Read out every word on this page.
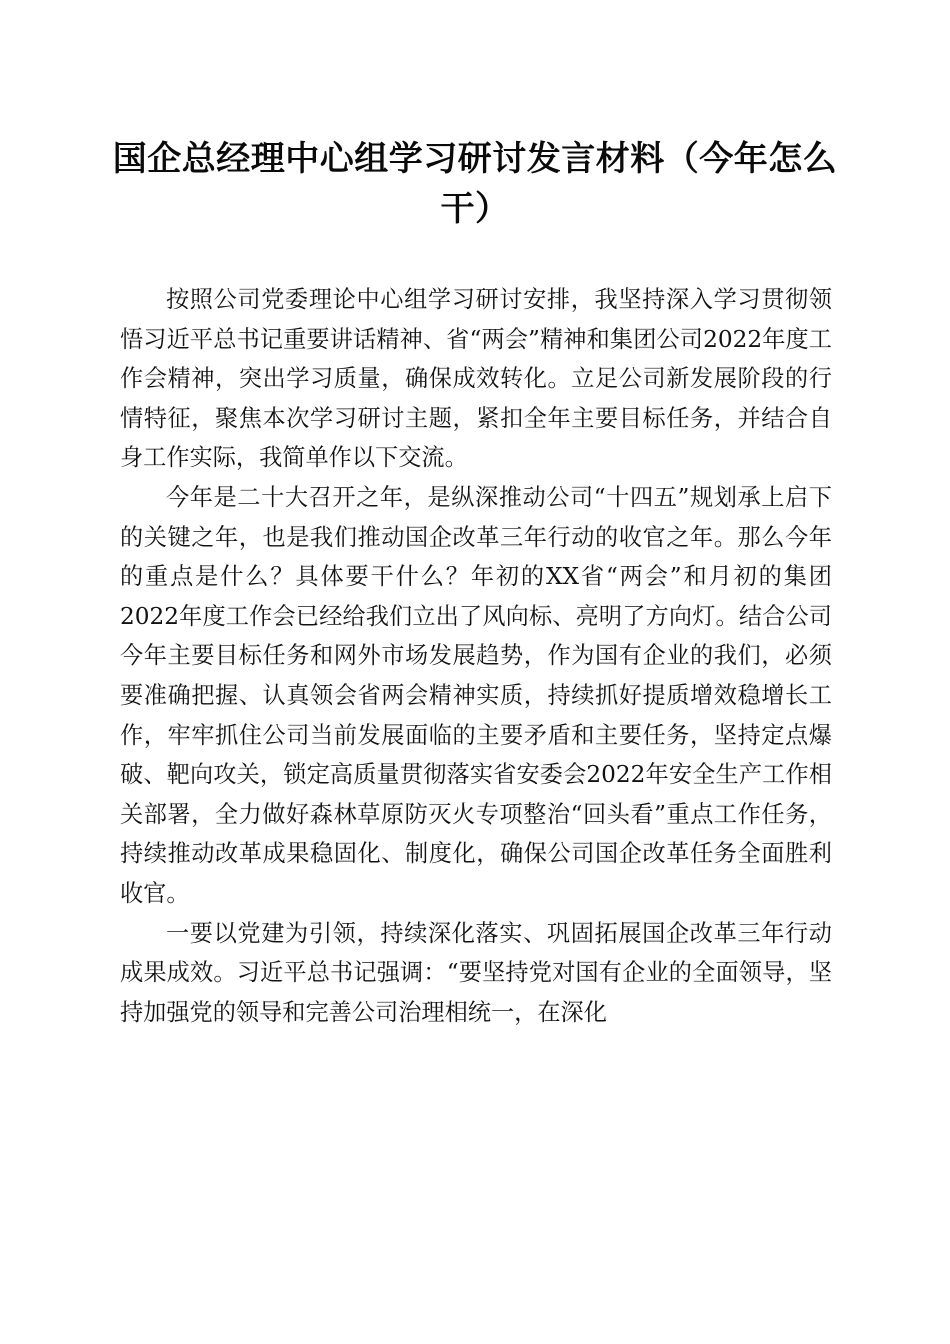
国企总经理中心组学习研讨发言材料（今年怎么干）

按照公司党委理论中心组学习研讨安排，我坚持深入学习贯彻领悟习近平总书记重要讲话精神、省“两会”精神和集团公司2022年度工作会精神，突出学习质量，确保成效转化。立足公司新发展阶段的行情特征，聚焦本次学习研讨主题，紧扣全年主要目标任务，并结合自身工作实际，我简单作以下交流。

今年是二十大召开之年，是纵深推动公司“十四五”规划承上启下的关键之年，也是我们推动国企改革三年行动的收官之年。那么今年的重点是什么？具体要干什么？年初的XX省“两会”和月初的集团2022年度工作会已经给我们立出了风向标、亮明了方向灯。结合公司今年主要目标任务和网外市场发展趋势，作为国有企业的我们，必须要准确把握、认真领会省两会精神实质，持续抓好提质增效稳增长工作，牢牢抓住公司当前发展面临的主要矛盾和主要任务，坚持定点爆破、靶向攻关，锁定高质量贯彻落实省安委会2022年安全生产工作相关部署，全力做好森林草原防灭火专项整治“回头看”重点工作任务，持续推动改革成果稳固化、制度化，确保公司国企改革任务全面胜利收官。

一要以党建为引领，持续深化落实、巩固拓展国企改革三年行动成果成效。习近平总书记强调：“要坚持党对国有企业的全面领导，坚持加强党的领导和完善公司治理相统一，在深化
